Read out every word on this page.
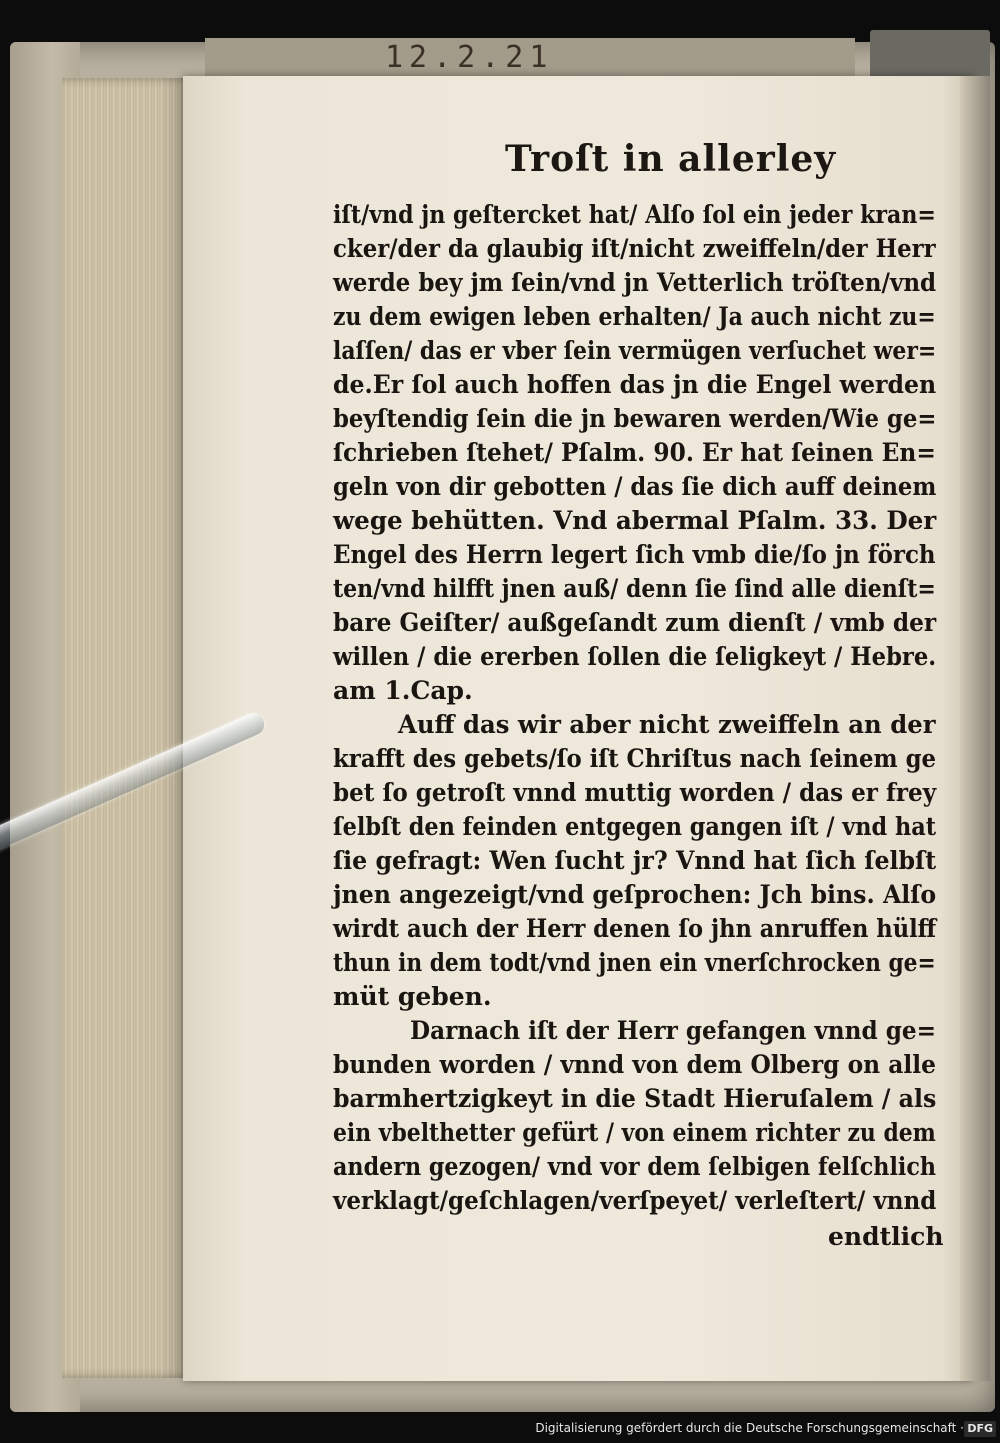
12.2.21
Troſt in allerley
iſt/vnd jn geſtercket hat/ Alſo ſol ein jeder kran=
cker/der da glaubig iſt/nicht zweiffeln/der Herr
werde bey jm ſein/vnd jn Vetterlich tröſten/vnd
zu dem ewigen leben erhalten/ Ja auch nicht zu=
laſſen/ das er vber ſein vermügen verſuchet wer=
de.Er ſol auch hoffen das jn die Engel werden
beyſtendig ſein die jn bewaren werden/Wie ge=
ſchrieben ſtehet/ Pſalm. 90. Er hat ſeinen En=
geln von dir gebotten / das ſie dich auff deinem
wege behütten. Vnd abermal Pſalm. 33. Der
Engel des Herrn legert ſich vmb die/ſo jn förch
ten/vnd hilfft jnen auß/ denn ſie ſind alle dienſt=
bare Geiſter/ außgeſandt zum dienſt / vmb der
willen / die ererben ſollen die ſeligkeyt / Hebre.
am 1.Cap.
Auff das wir aber nicht zweiffeln an der
krafft des gebets/ſo iſt Chriſtus nach ſeinem ge
bet ſo getroſt vnnd muttig worden / das er frey
ſelbſt den feinden entgegen gangen iſt / vnd hat
ſie gefragt: Wen ſucht jr? Vnnd hat ſich ſelbſt
jnen angezeigt/vnd geſprochen: Jch bins. Alſo
wirdt auch der Herr denen ſo jhn anruffen hülff
thun in dem todt/vnd jnen ein vnerſchrocken ge=
müt geben.
Darnach iſt der Herr gefangen vnnd ge=
bunden worden / vnnd von dem Olberg on alle
barmhertzigkeyt in die Stadt Hieruſalem / als
ein vbelthetter gefürt / von einem richter zu dem
andern gezogen/ vnd vor dem ſelbigen felſchlich
verklagt/geſchlagen/verſpeyet/ verleſtert/ vnnd
endtlich
Digitalisierung gefördert durch die Deutsche Forschungsgemeinschaft · DFG
